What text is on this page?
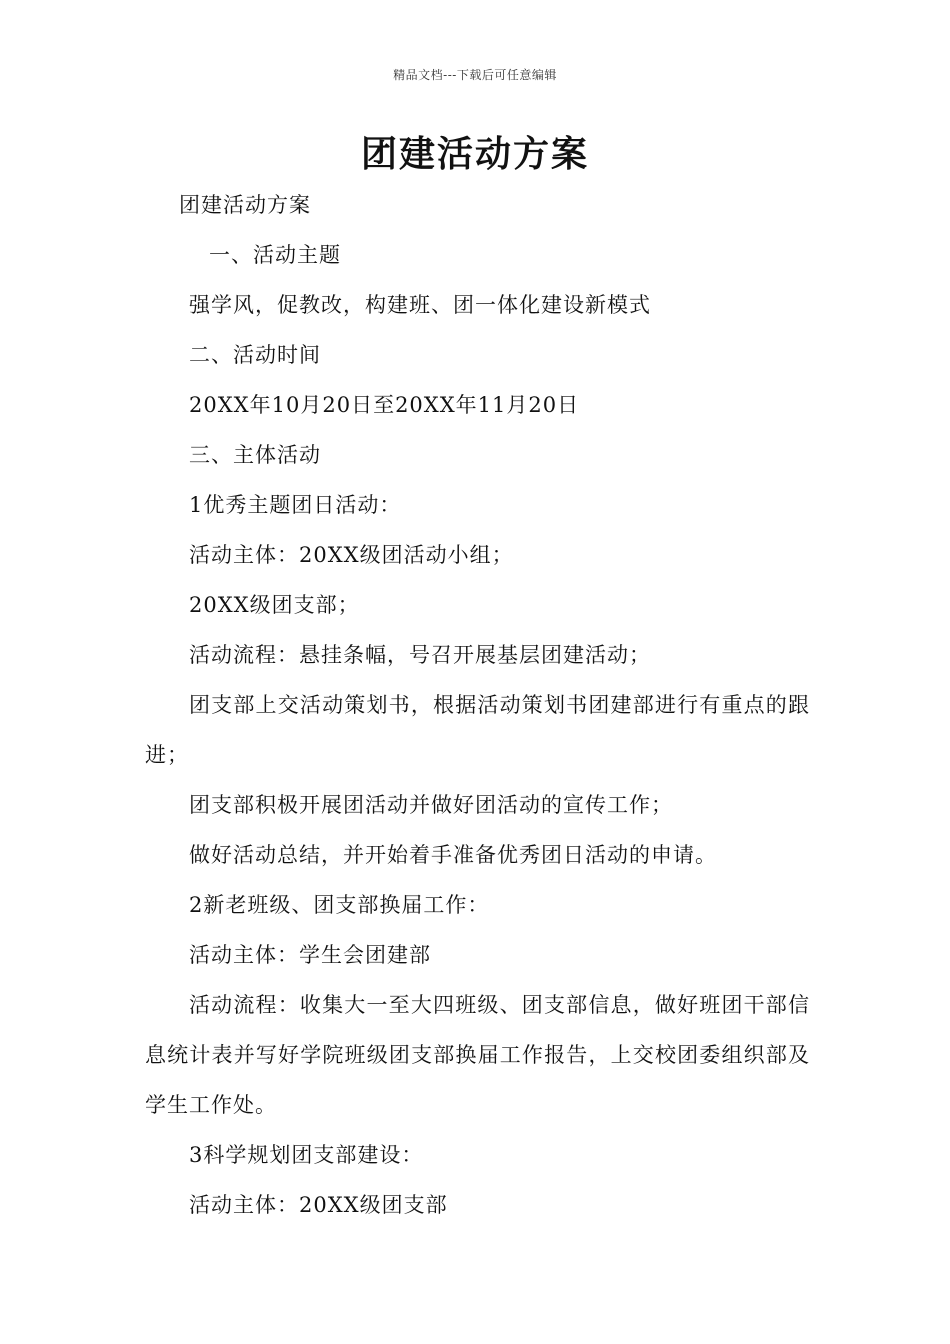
精品文档---下载后可任意编辑
团建活动方案

团建活动方案

一、活动主题

强学风，促教改，构建班、团一体化建设新模式

二、活动时间

20XX年10月20日至20XX年11月20日

三、主体活动

1优秀主题团日活动：

活动主体：20XX级团活动小组；

20XX级团支部；

活动流程：悬挂条幅，号召开展基层团建活动；

团支部上交活动策划书，根据活动策划书团建部进行有重点的跟进；

团支部积极开展团活动并做好团活动的宣传工作；

做好活动总结，并开始着手准备优秀团日活动的申请。

2新老班级、团支部换届工作：

活动主体：学生会团建部

活动流程：收集大一至大四班级、团支部信息，做好班团干部信息统计表并写好学院班级团支部换届工作报告，上交校团委组织部及学生工作处。

3科学规划团支部建设：

活动主体：20XX级团支部
